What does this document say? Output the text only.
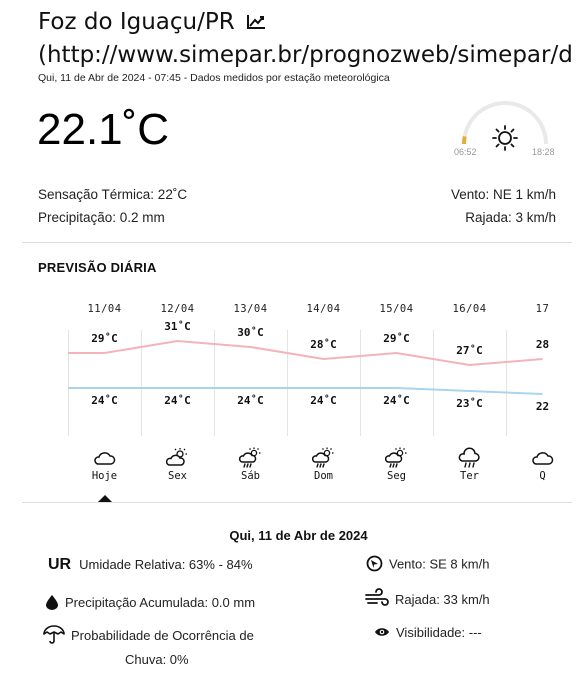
Foz do Iguaçu/PR
(http://www.simepar.br/prognozweb/simepar/d
Qui, 11 de Abr de 2024 - 07:45 - Dados medidos por estação meteorológica
22.1˚C	06:52	18:28
Sensação Térmica: 22˚C
Precipitação: 0.2 mm
Vento: NE 1 km/h
Rajada: 3 km/h
PREVISÃO DIÁRIA
11/04
29˚C
24˚C
Hoje
12/04
31˚C
24˚C
Sex
13/04
30˚C
24˚C
Sáb
14/04
28˚C
24˚C
Dom
15/04
29˚C
24˚C
Seg
16/04
27˚C
23˚C
Ter
17
28
22
Q
Qui, 11 de Abr de 2024
UR Umidade Relativa: 63% - 84%
Precipitação Acumulada: 0.0 mm
Probabilidade de Ocorrência de
Chuva: 0%
Vento: SE 8 km/h
Rajada: 33 km/h
Visibilidade: ---
